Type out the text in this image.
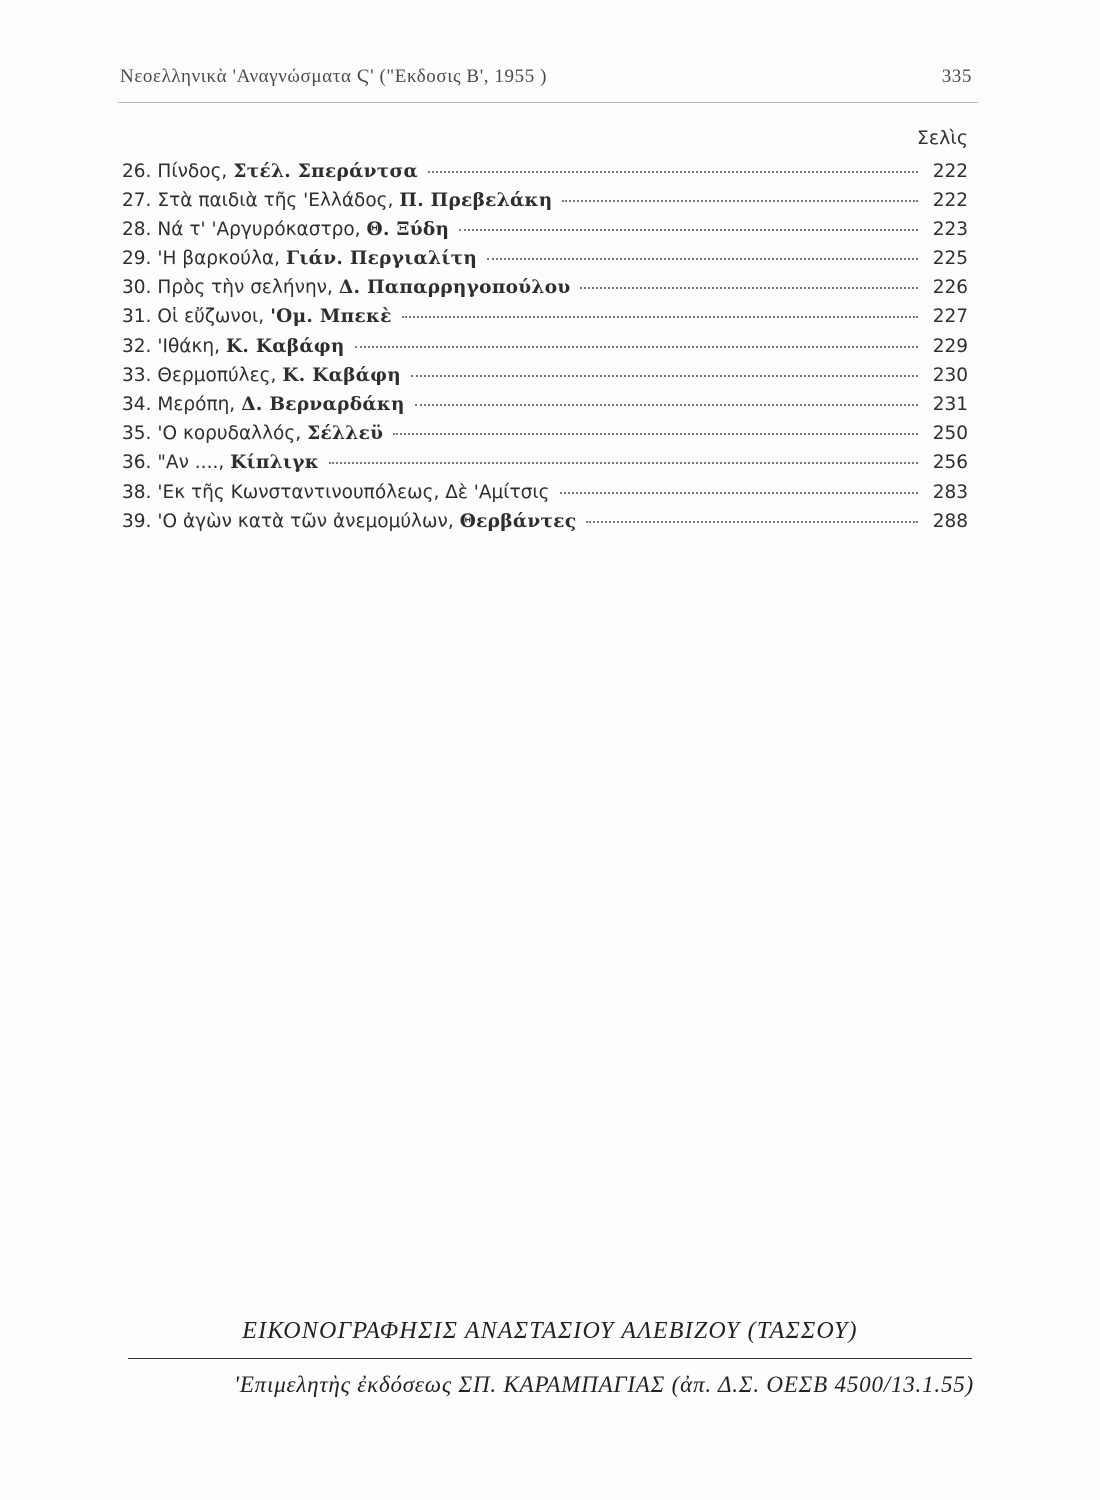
Νεοελληνικὰ 'Αναγνώσματα Ϛ' ("Εκδοσις Β', 1955 )	335
Σελὶς
26. Πίνδος, Στέλ. Σπεράντσα	222
27. Στὰ παιδιὰ τῆς 'Ελλάδος, Π. Πρεβελάκη	222
28. Νά τ' 'Αργυρόκαστρο, Θ. Ξύδη	223
29. 'Η βαρκούλα, Γιάν. Περγιαλίτη	225
30. Πρὸς τὴν σελήνην, Δ. Παπαρρηγοπούλου	226
31. Οἱ εὔζωνοι, 'Ομ. Μπεκὲ	227
32. 'Ιθάκη, Κ. Καβάφη	229
33. Θερμοπύλες, Κ. Καβάφη	230
34. Μερόπη, Δ. Βερναρδάκη	231
35. 'Ο κορυδαλλός, Σέλλεϋ	250
36. "Αν ...., Κίπλιγκ	256
38. 'Εκ τῆς Κωνσταντινουπόλεως, Δὲ 'Αμίτσις	283
39. 'Ο ἀγὼν κατὰ τῶν ἀνεμομύλων, Θερβάντες	288
ΕΙΚΟΝΟΓΡΑΦΗΣΙΣ ΑΝΑΣΤΑΣΙΟΥ ΑΛΕΒΙΖΟΥ (ΤΑΣΣΟΥ)
'Επιμελητὴς ἐκδόσεως ΣΠ. ΚΑΡΑΜΠΑΓΙΑΣ (ἀπ. Δ.Σ. ΟΕΣΒ 4500/13.1.55)
